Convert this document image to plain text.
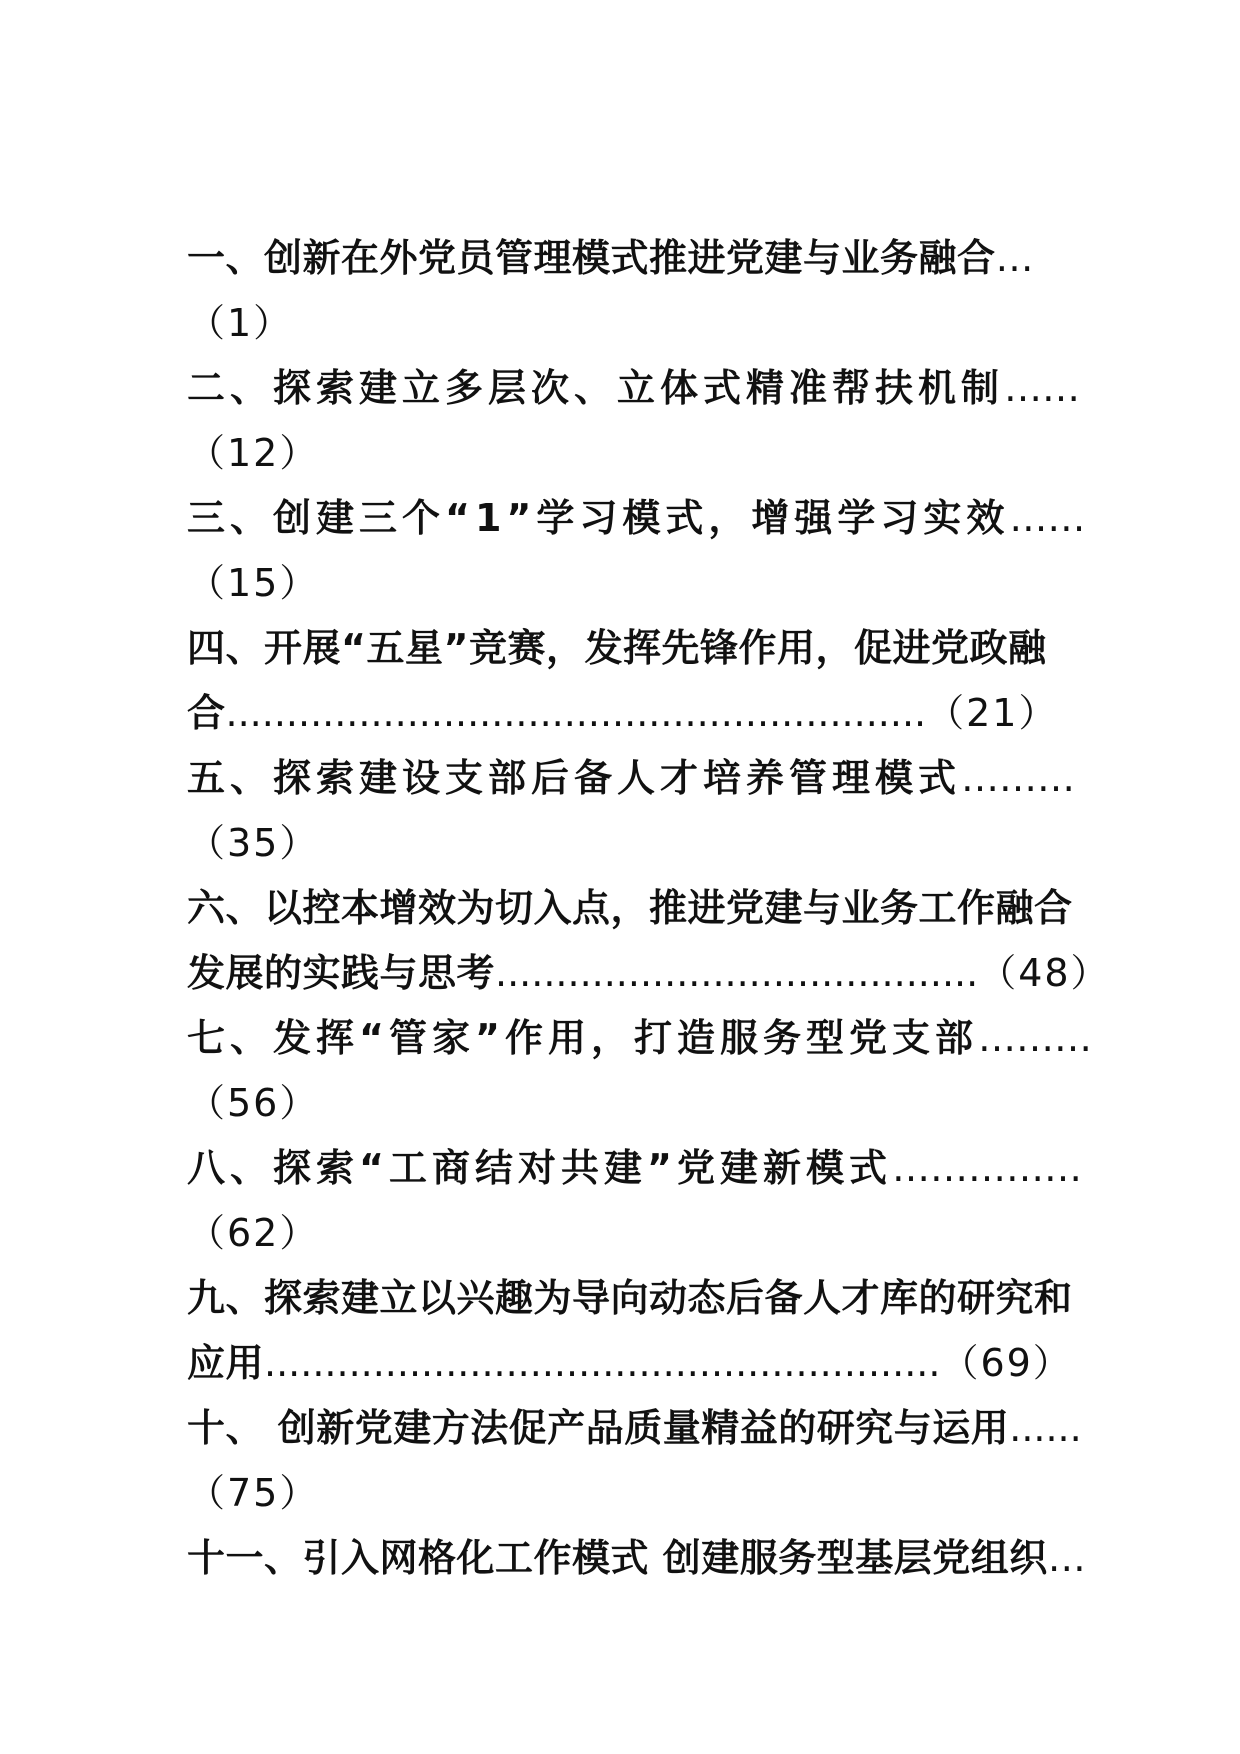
一、创新在外党员管理模式推进党建与业务融合…
（1）
二、探索建立多层次、立体式精准帮扶机制……
（12）
三、创建三个“1”学习模式，增强学习实效……
（15）
四、开展“五星”竞赛，发挥先锋作用，促进党政融
合..........................................................（21）
五、探索建设支部后备人才培养管理模式………
（35）
六、以控本增效为切入点，推进党建与业务工作融合
发展的实践与思考........................................（48）
七、发挥“管家”作用，打造服务型党支部………
（56）
八、探索“工商结对共建”党建新模式……………
（62）
九、探索建立以兴趣为导向动态后备人才库的研究和
应用........................................................（69）
十、 创新党建方法促产品质量精益的研究与运用......
（75）
十一、引入网格化工作模式 创建服务型基层党组织…
